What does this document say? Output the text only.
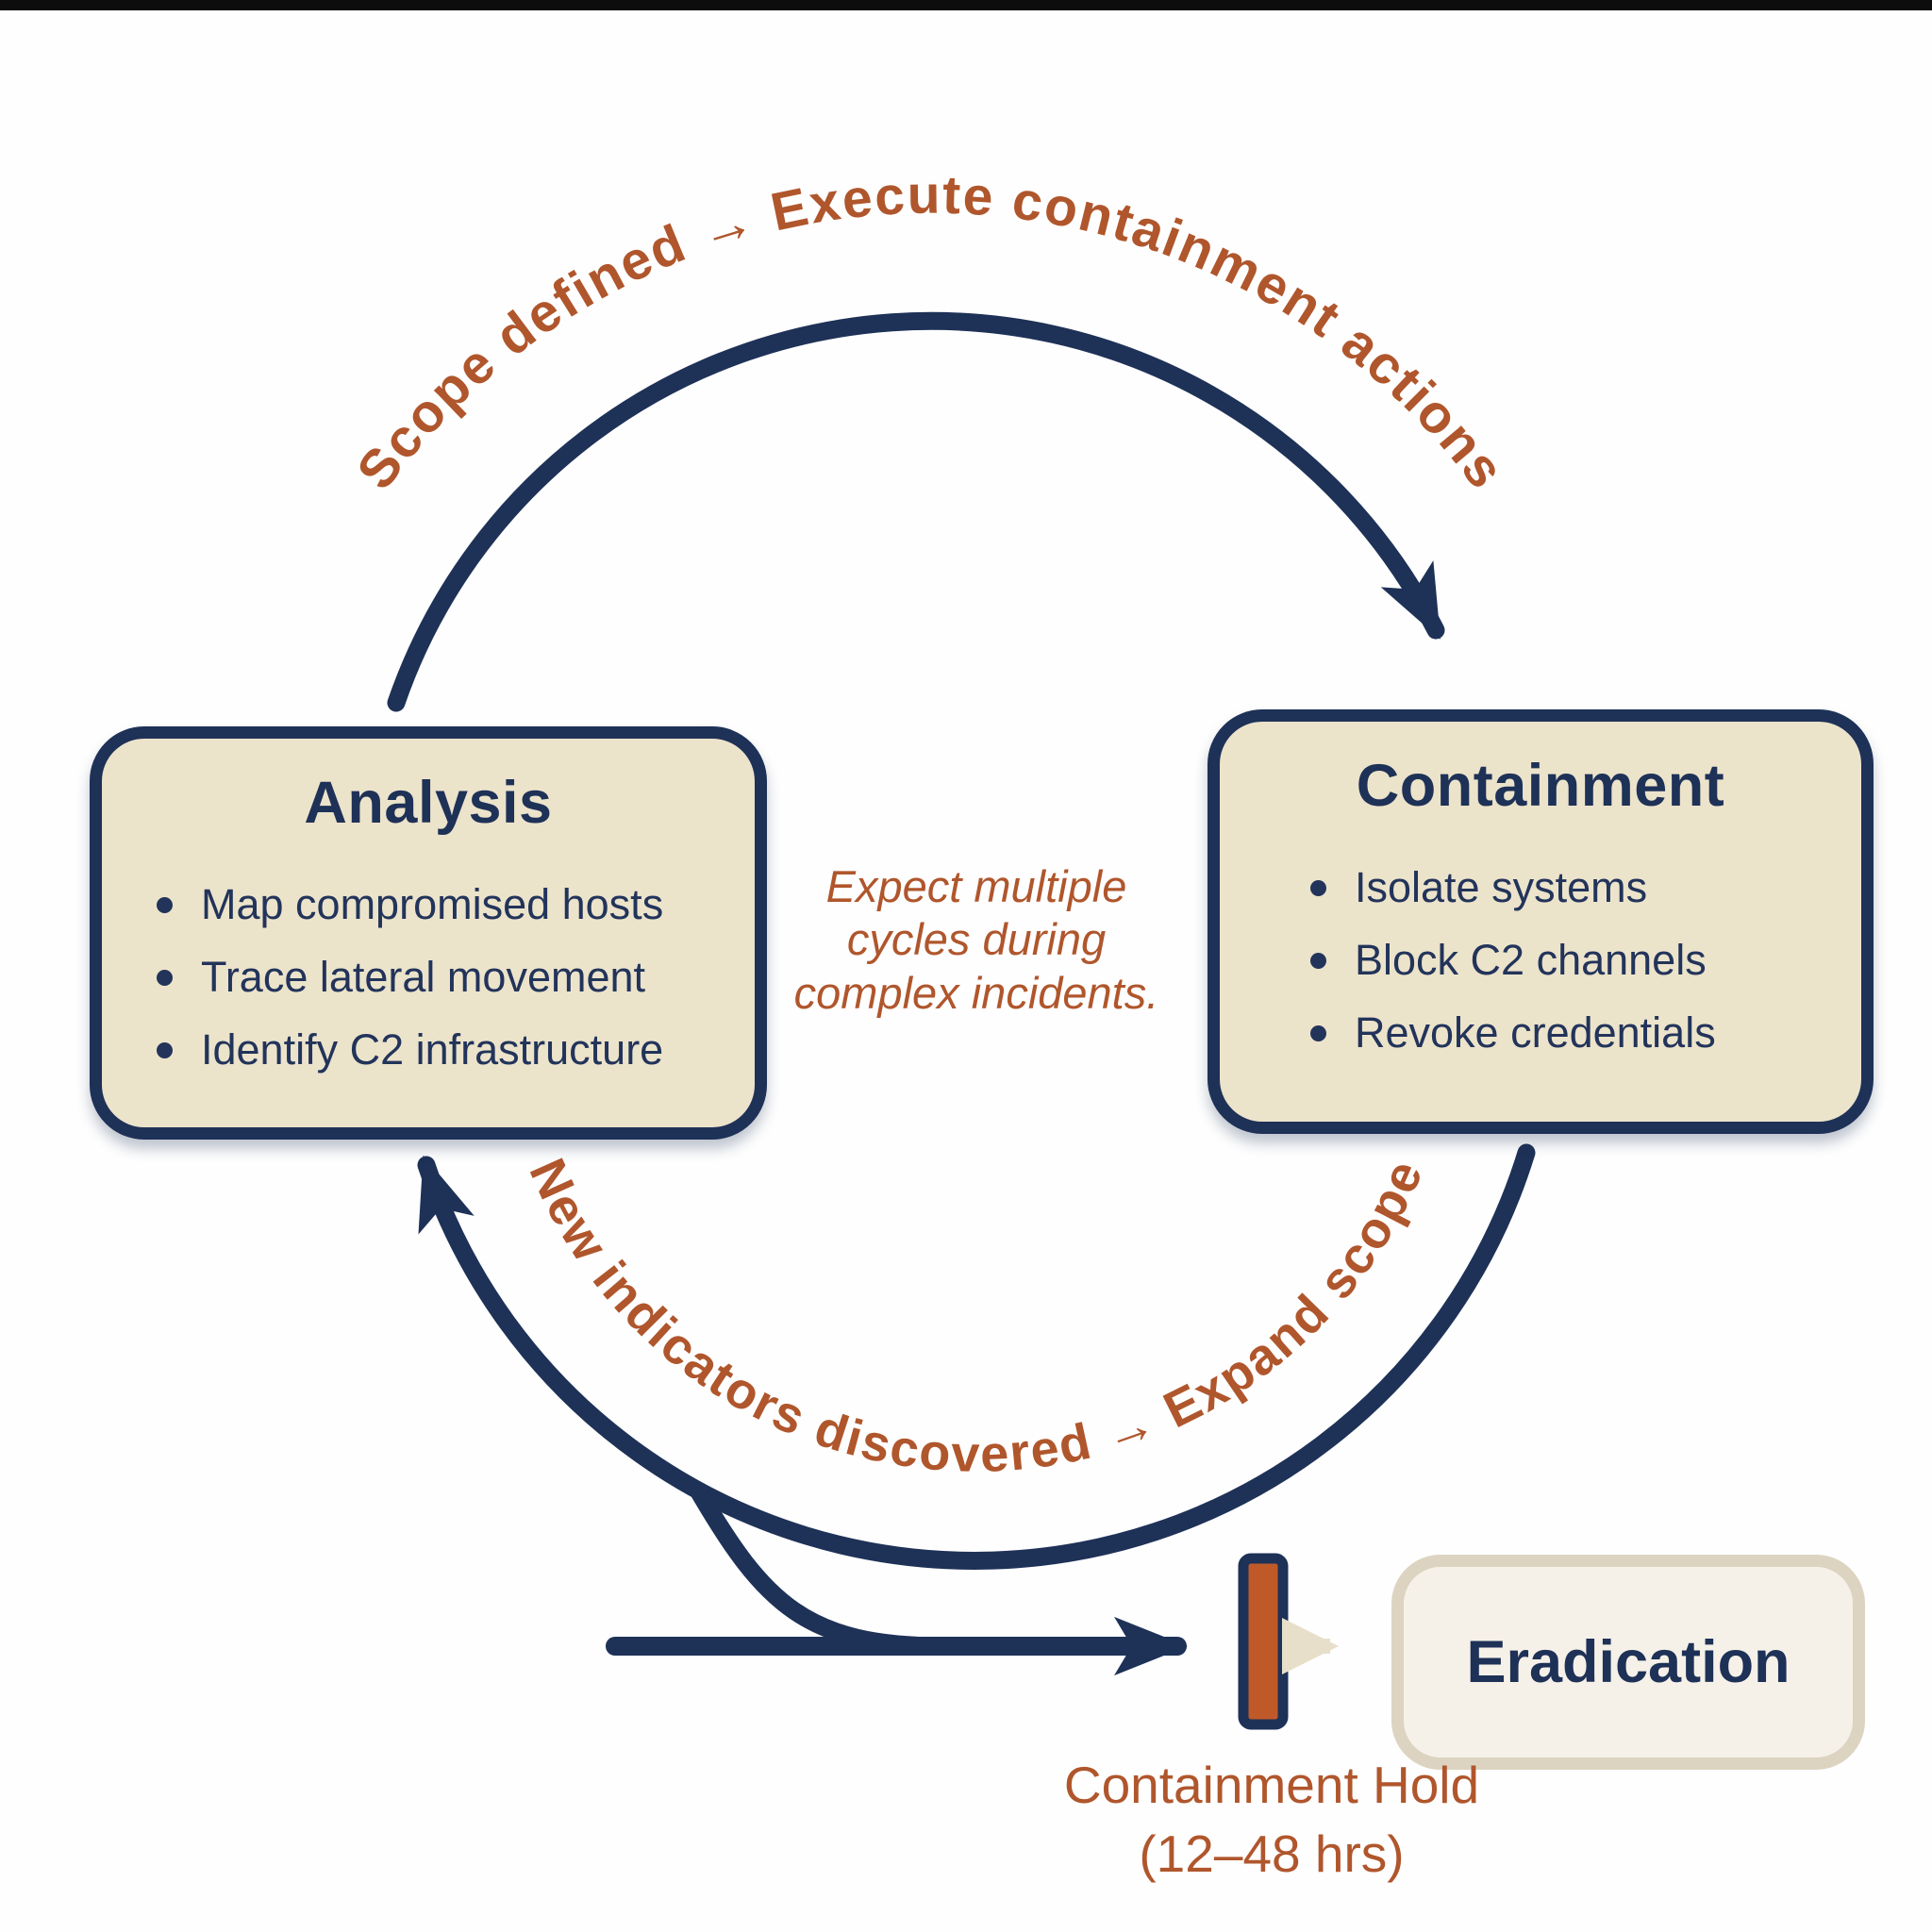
Scope defined → Execute containment actions
New indicators discovered → Expand scope
Analysis
Map compromised hosts
Trace lateral movement
Identify C2 infrastructure
Containment
Isolate systems
Block C2 channels
Revoke credentials
Expect multiple
cycles during
complex incidents.
Eradication
Containment Hold
(12–48 hrs)
